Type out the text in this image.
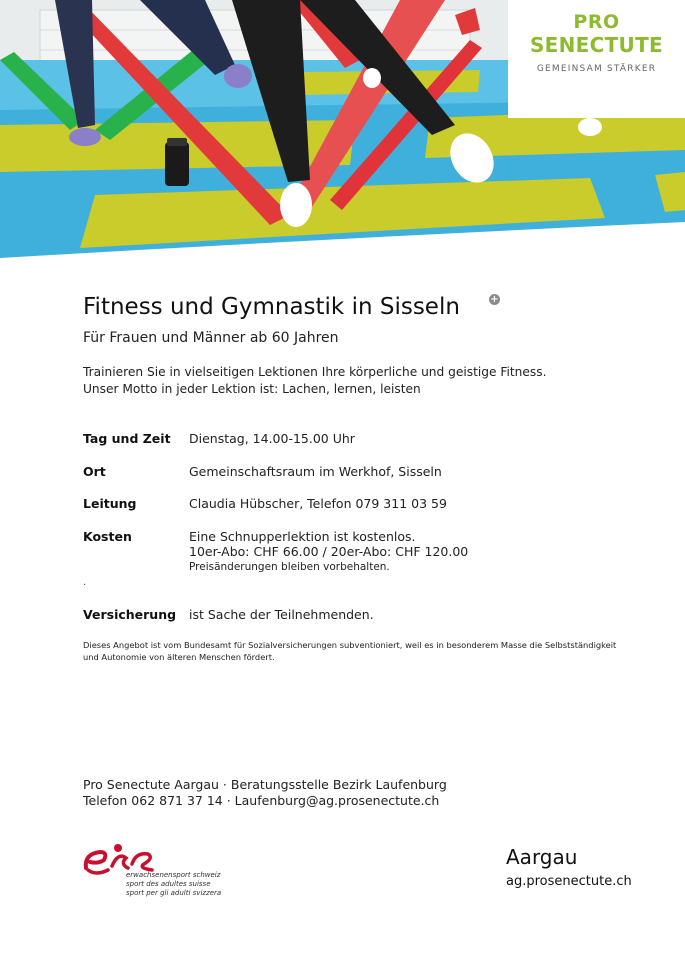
PRO
SENECTUTE
GEMEINSAM STÄRKER
Fitness und Gymnastik in Sisseln	+
Für Frauen und Männer ab 60 Jahren
Trainieren Sie in vielseitigen Lektionen Ihre körperliche und geistige Fitness. Unser Motto in jeder Lektion ist: Lachen, lernen, leisten
Tag und Zeit Dienstag, 14.00-15.00 Uhr
Ort	Gemeinschaftsraum im Werkhof, Sisseln
Leitung	Claudia Hübscher, Telefon 079 311 03 59
Kosten	Eine Schnupperlektion ist kostenlos.
10er-Abo: CHF 66.00 / 20er-Abo: CHF 120.00
Preisänderungen bleiben vorbehalten.
.
Versicherung ist Sache der Teilnehmenden.
Dieses Angebot ist vom Bundesamt für Sozialversicherungen subventioniert, weil es in besonderem Masse die Selbstständigkeit und Autonomie von älteren Menschen fördert.
Pro Senectute Aargau · Beratungsstelle Bezirk Laufenburg
Telefon 062 871 37 14 · Laufenburg@ag.prosenectute.ch
erwachsenensport schweiz
sport des adultes suisse
sport per gli adulti svizzera
Aargau
ag.prosenectute.ch
